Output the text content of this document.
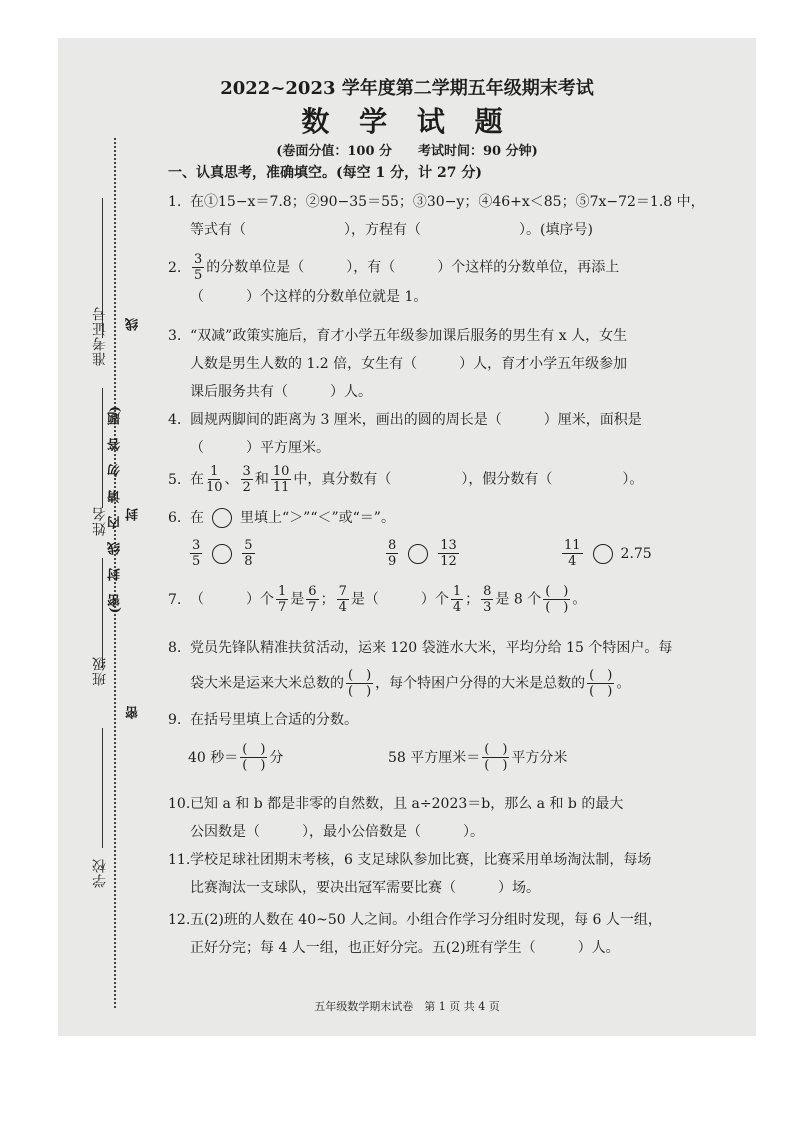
准考证号
姓名
班级
学校
(密　封　线　内　请　勿　答　题)
线
封
密
2022~2023 学年度第二学期五年级期末考试
数 学 试 题
(卷面分值：100 分　　考试时间：90 分钟)
一、认真思考，准确填空。(每空 1 分，计 27 分)
1. 在①15−x＝7.8；②90−35＝55；③30−y；④46+x＜85；⑤7x−72＝1.8 中，
等式有（　　　　　　　），方程有（　　　　　　　）。(填序号)
2. $\frac{3}{5}$ 的分数单位是（　　　），有（　　　）个这样的分数单位，再添上
（　　　）个这样的分数单位就是 1。
3. “双减”政策实施后，育才小学五年级参加课后服务的男生有 x 人，女生
人数是男生人数的 1.2 倍，女生有（　　　）人，育才小学五年级参加
课后服务共有（　　　）人。
4. 圆规两脚间的距离为 3 厘米，画出的圆的周长是（　　　）厘米，面积是
（　　　）平方厘米。
5. 在 $\frac{1}{10}$ 、 $\frac{3}{2}$ 和 $\frac{10}{11}$ 中，真分数有（　　　　　），假分数有（　　　　　）。
6. 在	里填上“＞”“＜”或“＝”。
$\frac{3}{5}$	$\frac{5}{8}$	$\frac{8}{9}$	$\frac{13}{12}$	$\frac{11}{4}$	2.75
7. （　　　）个 $\frac{1}{7}$ 是 $\frac{6}{7}$ ； $\frac{7}{4}$ 是（　　　）个 $\frac{1}{4}$ ； $\frac{8}{3}$ 是 8 个 $\frac{( )}{( )}$ 。
8. 党员先锋队精准扶贫活动，运来 120 袋涟水大米，平均分给 15 个特困户。每
袋大米是运来大米总数的 $\frac{( )}{( )}$ ，每个特困户分得的大米是总数的 $\frac{( )}{( )}$ 。
9. 在括号里填上合适的分数。
40 秒＝ $\frac{( )}{( )}$ 分	58 平方厘米＝ $\frac{( )}{( )}$ 平方分米
10.已知 a 和 b 都是非零的自然数，且 a÷2023＝b，那么 a 和 b 的最大
公因数是（　　　），最小公倍数是（　　　）。
11.学校足球社团期末考核，6 支足球队参加比赛，比赛采用单场淘汰制，每场
比赛淘汰一支球队，要决出冠军需要比赛（　　　）场。
12.五(2)班的人数在 40~50 人之间。小组合作学习分组时发现，每 6 人一组，
正好分完；每 4 人一组，也正好分完。五(2)班有学生（　　　）人。
五年级数学期末试卷　第 1 页 共 4 页
